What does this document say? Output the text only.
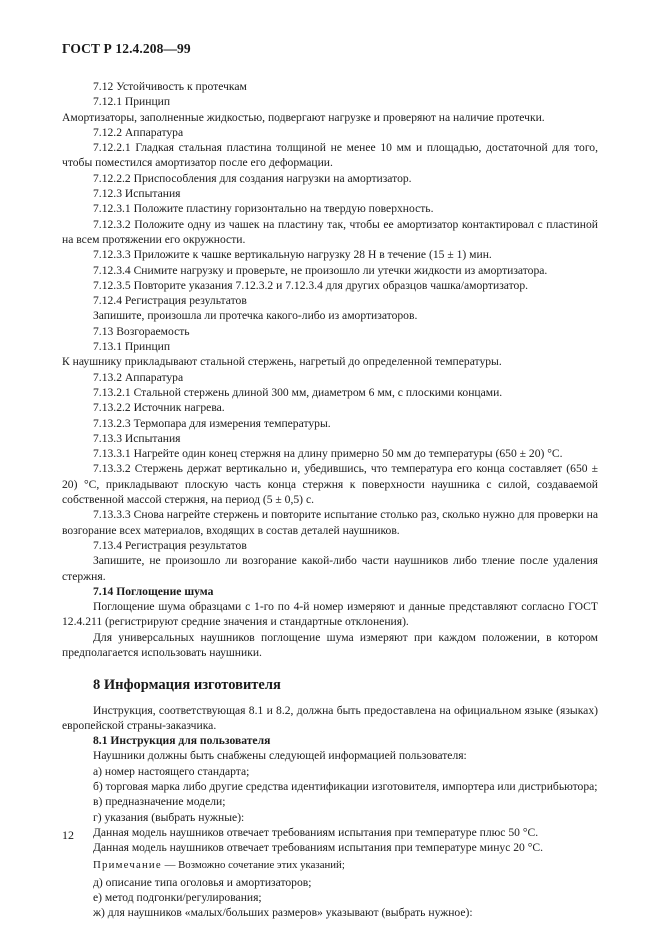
ГОСТ Р 12.4.208—99

7.12 Устойчивость к протечкам

7.12.1 Принцип

Амортизаторы, заполненные жидкостью, подвергают нагрузке и проверяют на наличие протечки.

7.12.2 Аппаратура

7.12.2.1 Гладкая стальная пластина толщиной не менее 10 мм и площадью, достаточной для того, чтобы поместился амортизатор после его деформации.

7.12.2.2 Приспособления для создания нагрузки на амортизатор.

7.12.3 Испытания

7.12.3.1 Положите пластину горизонтально на твердую поверхность.

7.12.3.2 Положите одну из чашек на пластину так, чтобы ее амортизатор контактировал с пластиной на всем протяжении его окружности.

7.12.3.3 Приложите к чашке вертикальную нагрузку 28 Н в течение (15 ± 1) мин.

7.12.3.4 Снимите нагрузку и проверьте, не произошло ли утечки жидкости из амортизатора.

7.12.3.5 Повторите указания 7.12.3.2 и 7.12.3.4 для других образцов чашка/амортизатор.

7.12.4 Регистрация результатов

Запишите, произошла ли протечка какого-либо из амортизаторов.

7.13 Возгораемость

7.13.1 Принцип

К наушнику прикладывают стальной стержень, нагретый до определенной температуры.

7.13.2 Аппаратура

7.13.2.1 Стальной стержень длиной 300 мм, диаметром 6 мм, с плоскими концами.

7.13.2.2 Источник нагрева.

7.13.2.3 Термопара для измерения температуры.

7.13.3 Испытания

7.13.3.1 Нагрейте один конец стержня на длину примерно 50 мм до температуры (650 ± 20) °С.

7.13.3.2 Стержень держат вертикально и, убедившись, что температура его конца составляет (650 ± 20) °С, прикладывают плоскую часть конца стержня к поверхности наушника с силой, создаваемой собственной массой стержня, на период (5 ± 0,5) с.

7.13.3.3 Снова нагрейте стержень и повторите испытание столько раз, сколько нужно для проверки на возгорание всех материалов, входящих в состав деталей наушников.

7.13.4 Регистрация результатов

Запишите, не произошло ли возгорание какой-либо части наушников либо тление после удаления стержня.

7.14 Поглощение шума

Поглощение шума образцами с 1-го по 4-й номер измеряют и данные представляют согласно ГОСТ 12.4.211 (регистрируют средние значения и стандартные отклонения).

Для универсальных наушников поглощение шума измеряют при каждом положении, в котором предполагается использовать наушники.

8 Информация изготовителя

Инструкция, соответствующая 8.1 и 8.2, должна быть предоставлена на официальном языке (языках) европейской страны-заказчика.

8.1 Инструкция для пользователя

Наушники должны быть снабжены следующей информацией пользователя:

а) номер настоящего стандарта;

б) торговая марка либо другие средства идентификации изготовителя, импортера или дистрибьютора;

в) предназначение модели;

г) указания (выбрать нужные):

Данная модель наушников отвечает требованиям испытания при температуре плюс 50 °С.

Данная модель наушников отвечает требованиям испытания при температуре минус 20 °С.

Примечание — Возможно сочетание этих указаний;

д) описание типа оголовья и амортизаторов;

е) метод подгонки/регулирования;

ж) для наушников «малых/больших размеров» указывают (выбрать нужное):

12
